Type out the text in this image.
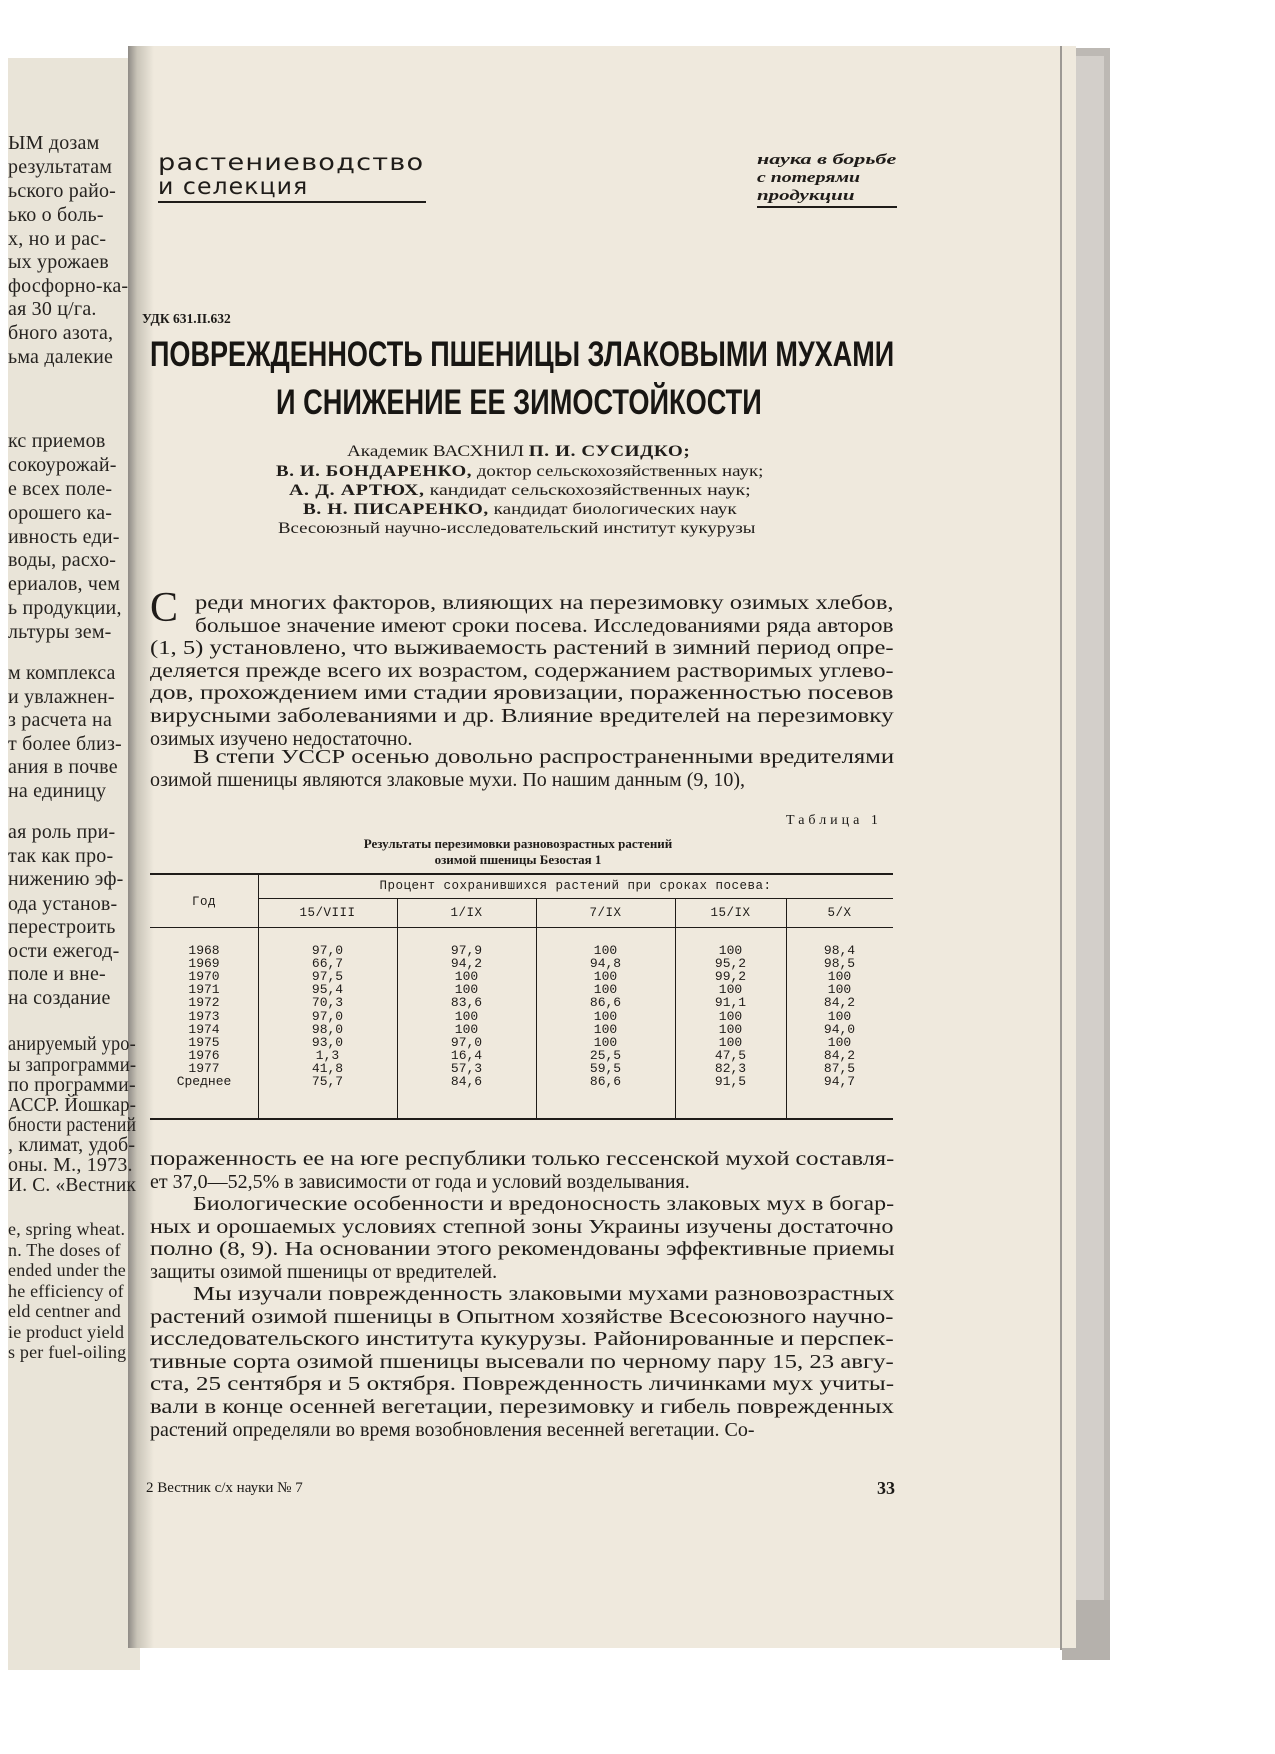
ЫМ дозам
результатам
ьского райо-
ько о боль-
х, но и рас-
ых урожаев
фосфорно-ка-
ая 30 ц/га.
бного азота,
ьма далекие
кс приемов
сокоурожай-
е всех поле-
орошего ка-
ивность еди-
воды, расхо-
ериалов, чем
ь продукции,
льтуры зем-
м комплекса
и увлажнен-
з расчета на
т более близ-
ания в почве
на единицу
ая роль при-
так как про-
нижению эф-
ода установ-
перестроить
ости ежегод-
поле и вне-
на создание
анируемый уро-
ы запрограмми-
по программи-
АССР. Йошкар-
бности растений
, климат, удоб-
оны. М., 1973.
И. С. «Вестник
e, spring wheat.
n. The doses of
ended under the
he efficiency of
eld centner and
ie product yield
s per fuel-oiling
растениеводство
и селекция
наука в борьбе
с потерями
продукции
УДК 631.II.632
ПОВРЕЖДЕННОСТЬ ПШЕНИЦЫ ЗЛАКОВЫМИ МУХАМИ
И СНИЖЕНИЕ ЕЕ ЗИМОСТОЙКОСТИ
Академик ВАСХНИЛ П. И. СУСИДКО;
В. И. БОНДАРЕНКО, доктор сельскохозяйственных наук;
А. Д. АРТЮХ, кандидат сельскохозяйственных наук;
В. Н. ПИСАРЕНКО, кандидат биологических наук
Всесоюзный научно-исследовательский институт кукурузы
С реди многих факторов, влияющих на перезимовку озимых хлебов,
большое значение имеют сроки посева. Исследованиями ряда авторов
(1, 5) установлено, что выживаемость растений в зимний период опре-
деляется прежде всего их возрастом, содержанием растворимых углево-
дов, прохождением ими стадии яровизации, пораженностью посевов
вирусными заболеваниями и др. Влияние вредителей на перезимовку
озимых изучено недостаточно.
В степи УССР осенью довольно распространенными вредителями
озимой пшеницы являются злаковые мухи. По нашим данным (9, 10),
Таблица 1
Результаты перезимовки разновозрастных растений
озимой пшеницы Безостая 1
Год
Процент сохранившихся растений при сроках посева:
15/VIII	1/IX	7/IX	15/IX	5/X
1968	97,0	97,9	100	100	98,4
1969	66,7	94,2	94,8	95,2	98,5
1970	97,5	100	100	99,2	100
1971	95,4	100	100	100	100
1972	70,3	83,6	86,6	91,1	84,2
1973	97,0	100	100	100	100
1974	98,0	100	100	100	94,0
1975	93,0	97,0	100	100	100
1976	1,3	16,4	25,5	47,5	84,2
1977	41,8	57,3	59,5	82,3	87,5
Среднее	75,7	84,6	86,6	91,5	94,7
пораженность ее на юге республики только гессенской мухой составля-
ет 37,0—52,5% в зависимости от года и условий возделывания.
Биологические особенности и вредоносность злаковых мух в богар-
ных и орошаемых условиях степной зоны Украины изучены достаточно
полно (8, 9). На основании этого рекомендованы эффективные приемы
защиты озимой пшеницы от вредителей.
Мы изучали поврежденность злаковыми мухами разновозрастных
растений озимой пшеницы в Опытном хозяйстве Всесоюзного научно-
исследовательского института кукурузы. Районированные и перспек-
тивные сорта озимой пшеницы высевали по черному пару 15, 23 авгу-
ста, 25 сентября и 5 октября. Поврежденность личинками мух учиты-
вали в конце осенней вегетации, перезимовку и гибель поврежденных
растений определяли во время возобновления весенней вегетации. Со-
2 Вестник с/х науки № 7	33
